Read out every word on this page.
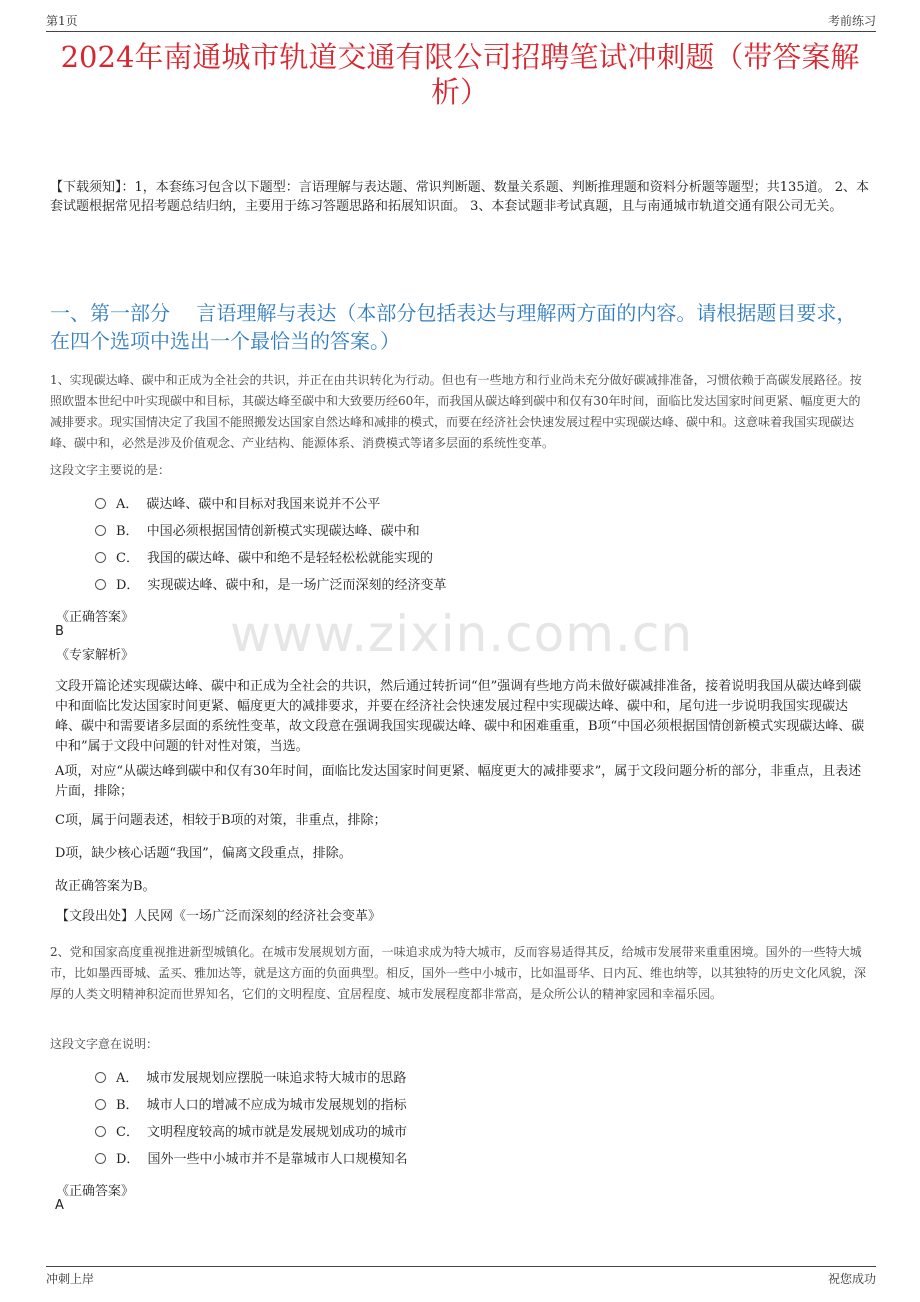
第1页	考前练习
2024年南通城市轨道交通有限公司招聘笔试冲刺题（带答案解析）
【下载须知】：1，本套练习包含以下题型：言语理解与表达题、常识判断题、数量关系题、判断推理题和资料分析题等题型；共135道。 2、本套试题根据常见招考题总结归纳，主要用于练习答题思路和拓展知识面。 3、本套试题非考试真题，且与南通城市轨道交通有限公司无关。
一、第一部分　 言语理解与表达（本部分包括表达与理解两方面的内容。请根据题目要求，在四个选项中选出一个最恰当的答案。）
1、实现碳达峰、碳中和正成为全社会的共识，并正在由共识转化为行动。但也有一些地方和行业尚未充分做好碳减排准备，习惯依赖于高碳发展路径。按照欧盟本世纪中叶实现碳中和目标，其碳达峰至碳中和大致要历经60年，而我国从碳达峰到碳中和仅有30年时间，面临比发达国家时间更紧、幅度更大的减排要求。现实国情决定了我国不能照搬发达国家自然达峰和减排的模式，而要在经济社会快速发展过程中实现碳达峰、碳中和。这意味着我国实现碳达峰、碳中和，必然是涉及价值观念、产业结构、能源体系、消费模式等诸多层面的系统性变革。
这段文字主要说的是：
A． 碳达峰、碳中和目标对我国来说并不公平
B． 中国必须根据国情创新模式实现碳达峰、碳中和
C． 我国的碳达峰、碳中和绝不是轻轻松松就能实现的
D． 实现碳达峰、碳中和，是一场广泛而深刻的经济变革
《正确答案》
B
《专家解析》 www.zixin.com.cn
文段开篇论述实现碳达峰、碳中和正成为全社会的共识，然后通过转折词“但”强调有些地方尚未做好碳减排准备，接着说明我国从碳达峰到碳中和面临比发达国家时间更紧、幅度更大的减排要求，并要在经济社会快速发展过程中实现碳达峰、碳中和，尾句进一步说明我国实现碳达峰、碳中和需要诸多层面的系统性变革，故文段意在强调我国实现碳达峰、碳中和困难重重，B项“中国必须根据国情创新模式实现碳达峰、碳中和”属于文段中问题的针对性对策，当选。
A项，对应“从碳达峰到碳中和仅有30年时间，面临比发达国家时间更紧、幅度更大的减排要求”，属于文段问题分析的部分，非重点，且表述片面，排除；
C项，属于问题表述，相较于B项的对策，非重点，排除；
D项，缺少核心话题“我国”，偏离文段重点，排除。
故正确答案为B。
【文段出处】人民网《一场广泛而深刻的经济社会变革》
2、党和国家高度重视推进新型城镇化。在城市发展规划方面，一味追求成为特大城市，反而容易适得其反，给城市发展带来重重困境。国外的一些特大城市，比如墨西哥城、孟买、雅加达等，就是这方面的负面典型。相反，国外一些中小城市，比如温哥华、日内瓦、维也纳等，以其独特的历史文化风貌，深厚的人类文明精神积淀而世界知名，它们的文明程度、宜居程度、城市发展程度都非常高，是众所公认的精神家园和幸福乐园。
这段文字意在说明：
A． 城市发展规划应摆脱一味追求特大城市的思路
B． 城市人口的增减不应成为城市发展规划的指标
C． 文明程度较高的城市就是发展规划成功的城市
D． 国外一些中小城市并不是靠城市人口规模知名
《正确答案》
A
冲刺上岸	祝您成功
